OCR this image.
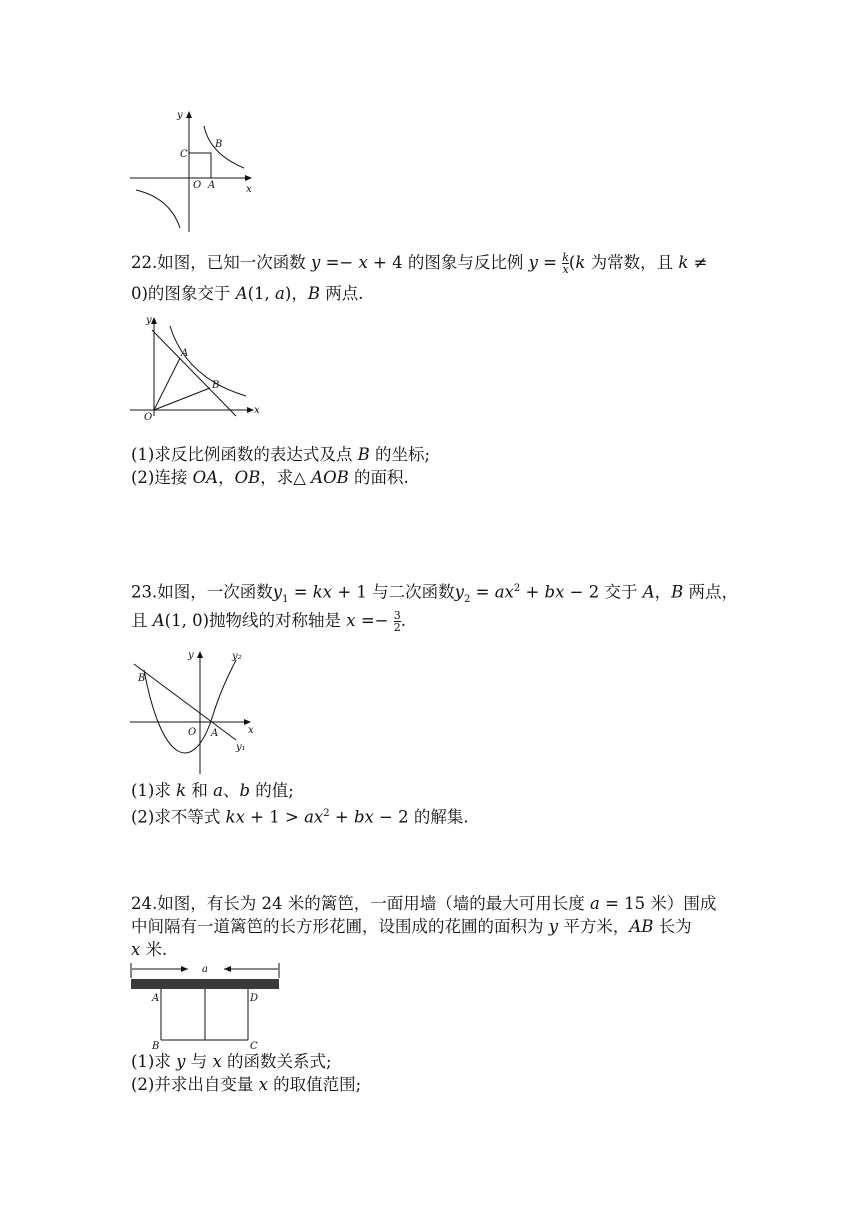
y
x
O A
B
C
22.如图，已知一次函数 y =− x + 4 的图象与反比例 $y = \frac{k}{x} (k$ 为常数，且 k ≠
0)的图象交于 A(1, a)，B 两点.
y
x
O
A
B
(1)求反比例函数的表达式及点 B 的坐标;
(2)连接 OA，OB，求△ AOB 的面积.
23.如图，一次函数$y_1$ = kx + 1 与二次函数$y_2 = ax^2$ + bx − 2 交于 A，B 两点，
且 A(1, 0)抛物线的对称轴是 $x =- \frac{3}{2}$ .
y
x
O A
B
y₂
y₁
(1)求 k 和 a、b 的值;
(2)求不等式 kx + $1 > ax^2$ + bx − 2 的解集.
24.如图，有长为 24 米的篱笆，一面用墙（墙的最大可用长度 a = 15 米）围成
中间隔有一道篱笆的长方形花圃，设围成的花圃的面积为 y 平方米，AB 长为
x 米.
a
A	D
B	C
(1)求 y 与 x 的函数关系式;
(2)并求出自变量 x 的取值范围;
